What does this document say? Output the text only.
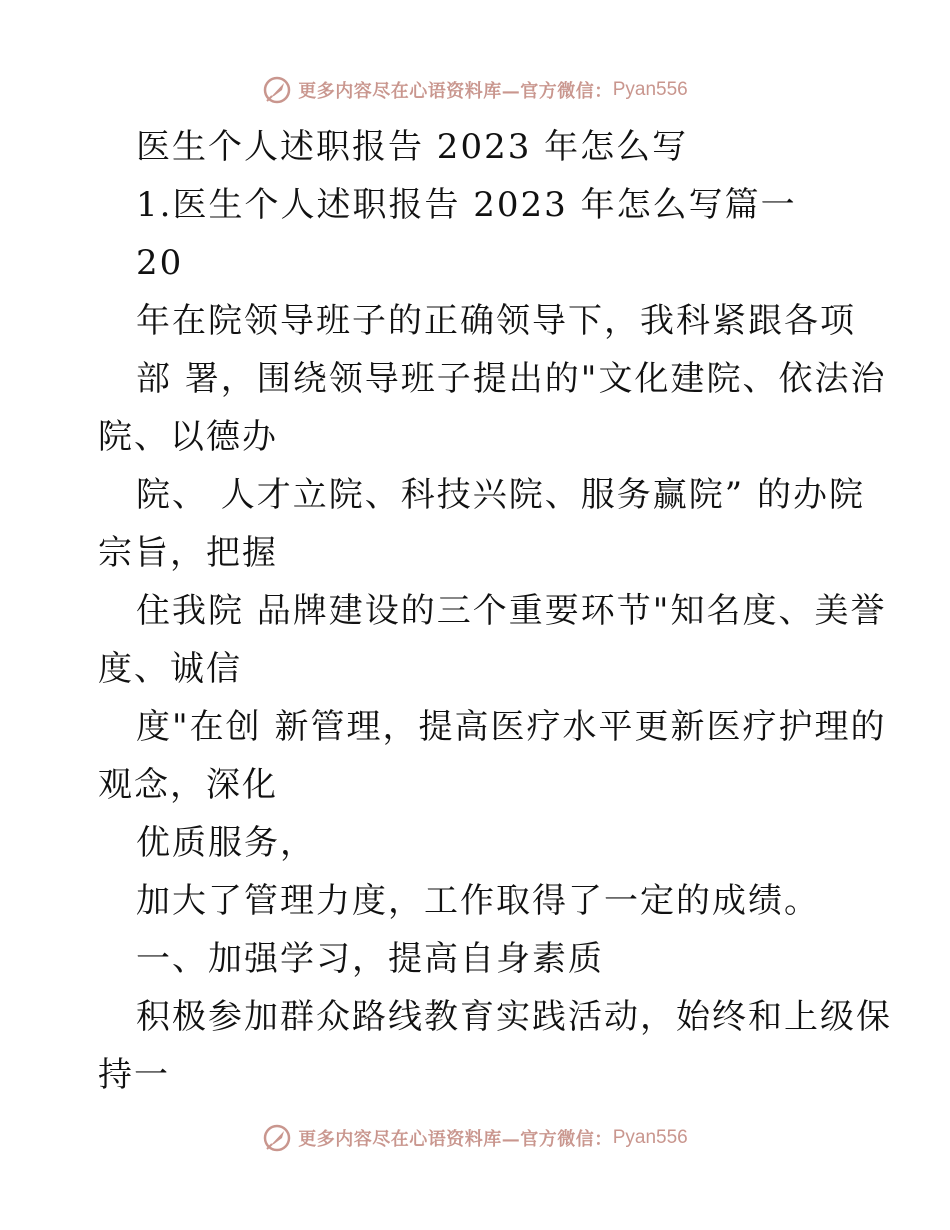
更多内容尽在心语资料库—官方微信： Pyan556
医生个人述职报告 2023 年怎么写
1.医生个人述职报告 2023 年怎么写篇一
20
年在院领导班子的正确领导下，我科紧跟各项
部 署，围绕领导班子提出的"文化建院、依法治
院、以德办
院、 人才立院、科技兴院、服务赢院” 的办院
宗旨，把握
住我院 品牌建设的三个重要环节"知名度、美誉
度、诚信
度"在创 新管理，提高医疗水平更新医疗护理的
观念，深化
优质服务，
加大了管理力度，工作取得了一定的成绩。
一、加强学习，提高自身素质
积极参加群众路线教育实践活动，始终和上级保
持一
更多内容尽在心语资料库—官方微信： Pyan556
